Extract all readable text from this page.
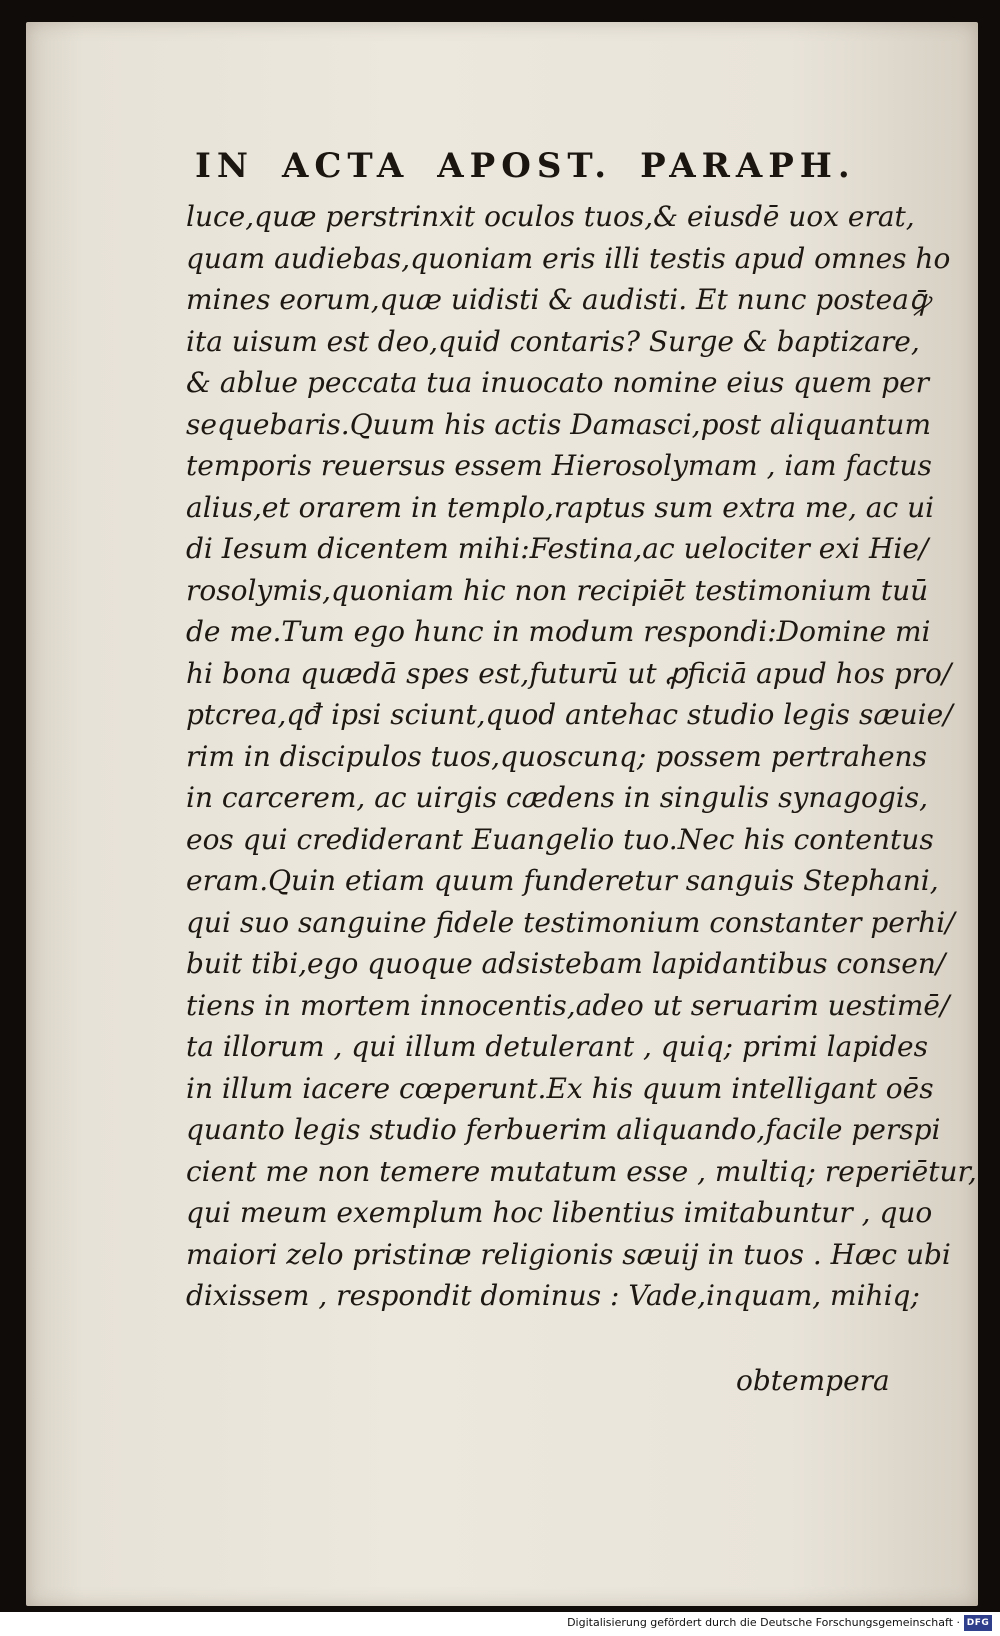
IN ACTA APOST. PARAPH.
luce,quæ perstrinxit oculos tuos,& eiusdē uox erat,
quam audiebas,quoniam eris illi testis apud omnes ho
mines eorum,quæ uidisti & audisti. Et nunc posteaꝙ̄
ita uisum est deo,quid contaris? Surge & baptizare,
& ablue peccata tua inuocato nomine eius quem per
sequebaris.Quum his actis Damasci,post aliquantum
temporis reuersus essem Hierosolymam , iam factus
alius,et orarem in templo,raptus sum extra me, ac ui
di Iesum dicentem mihi:Festina,ac uelociter exi Hie/
rosolymis,quoniam hic non recipiēt testimonium tuū
de me.Tum ego hunc in modum respondi:Domine mi
hi bona quædā spes est,futurū ut ꝓficiā apud hos pro/
ptcrea,qđ ipsi sciunt,quod antehac studio legis sæuie/
rim in discipulos tuos,quoscunq; possem pertrahens
in carcerem, ac uirgis cædens in singulis synagogis,
eos qui crediderant Euangelio tuo.Nec his contentus
eram.Quin etiam quum funderetur sanguis Stephani,
qui suo sanguine fidele testimonium constanter perhi/
buit tibi,ego quoque adsistebam lapidantibus consen/
tiens in mortem innocentis,adeo ut seruarim uestimē/
ta illorum , qui illum detulerant , quiq; primi lapides
in illum iacere cœperunt.Ex his quum intelligant oēs
quanto legis studio ferbuerim aliquando,facile perspi
cient me non temere mutatum esse , multiq; reperiētur,
qui meum exemplum hoc libentius imitabuntur , quo
maiori zelo pristinæ religionis sæuij in tuos . Hæc ubi
dixissem , respondit dominus : Vade,inquam, mihiq;
obtempera
Digitalisierung gefördert durch die Deutsche Forschungsgemeinschaft · DFG
